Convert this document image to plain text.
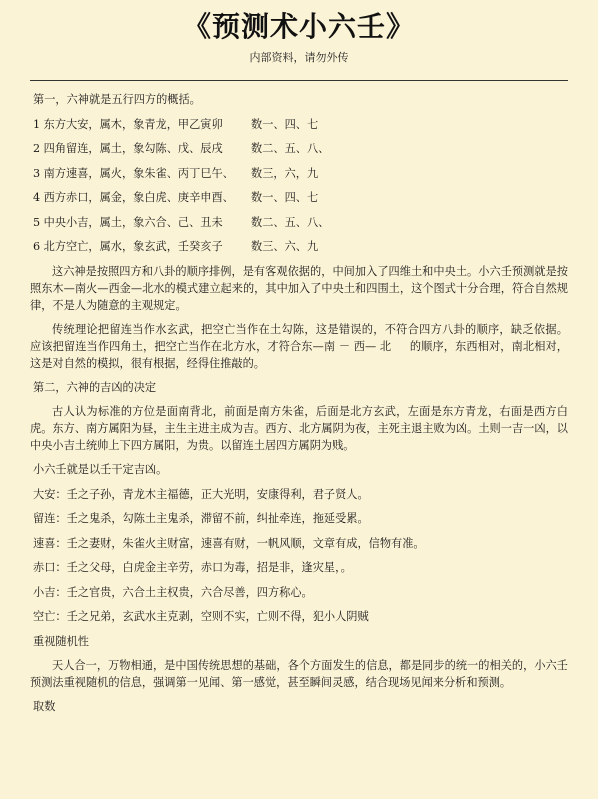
《预测术小六壬》
内部资料，请勿外传
第一，六神就是五行四方的概括。
1 东方大安，属木，象青龙，甲乙寅卯	数一、四、七
2 四角留连，属土，象勾陈、戊、辰戌	数二、五、八、
3 南方速喜，属火，象朱雀、丙丁巳午、	数三，六，九
4 西方赤口，属金，象白虎、庚辛申酉、	数一、四、七
5 中央小吉，属土，象六合、己、丑未	数二、五、八、
6 北方空亡，属水，象玄武，壬癸亥子	数三、六、九
这六神是按照四方和八卦的顺序排例，是有客观依据的，中间加入了四维土和中央土。小六壬预测就是按照东木—南火—西金—北水的模式建立起来的，其中加入了中央土和四围土，这个图式十分合理，符合自然规律，不是人为随意的主观规定。
传统理论把留连当作水玄武，把空亡当作在土勾陈，这是错误的，不符合四方八卦的顺序，缺乏依据。 应该把留连当作四角土，把空亡当作在北方水，才符合东—南 － 西— 北 　 的顺序，东西相对，南北相对，这是对自然的模拟，很有根据，经得住推敲的。
第二，六神的吉凶的决定
古人认为标准的方位是面南背北，前面是南方朱雀，后面是北方玄武，左面是东方青龙，右面是西方白虎。东方、南方属阳为昼，主生主进主成为吉。西方、北方属阴为夜，主死主退主败为凶。土则一吉一凶，以中央小吉土统帅上下四方属阳，为贵。以留连土居四方属阴为贱。
小六壬就是以壬干定吉凶。
大安：壬之子孙，青龙木主福德，正大光明，安康得利，君子贤人。
留连：壬之鬼杀，勾陈土主鬼杀，滞留不前，纠扯牵连，拖延受累。
速喜：壬之妻财，朱雀火主财富，速喜有财，一帆风顺，文章有成，信物有准。
赤口：壬之父母，白虎金主辛劳，赤口为毒，招是非，逢灾星，。
小吉：壬之官贵，六合土主权贵，六合尽善，四方称心。
空亡：壬之兄弟，玄武水主克剥，空则不实，亡则不得，犯小人阴贼
重视随机性
天人合一，万物相通，是中国传统思想的基础，各个方面发生的信息，都是同步的统一的相关的，小六壬预测法重视随机的信息，强调第一见闻、第一感觉，甚至瞬间灵感，结合现场见闻来分析和预测。
取数
